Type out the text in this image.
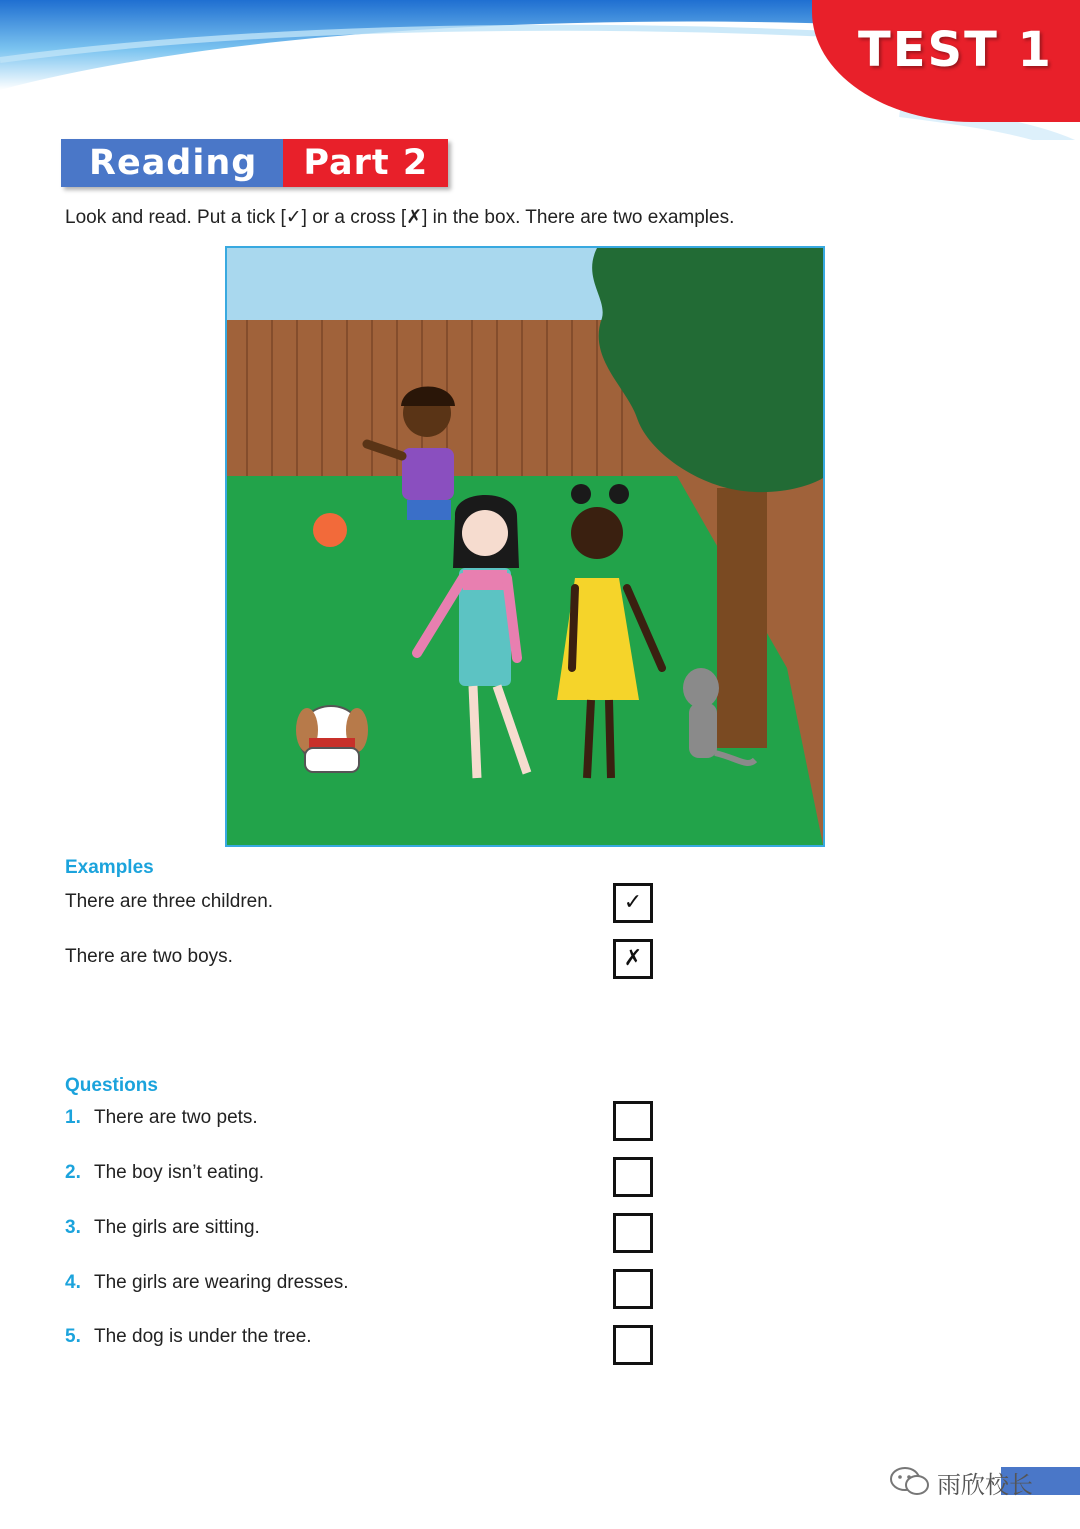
TEST 1
Reading	Part 2
Look and read. Put a tick [✓] or a cross [✗] in the box. There are two examples.
Examples
There are three children.	✓
There are two boys.	✗
Questions
1. There are two pets.
2. The boy isn’t eating.
3. The girls are sitting.
4. The girls are wearing dresses.
5. The dog is under the tree.
雨欣校长
